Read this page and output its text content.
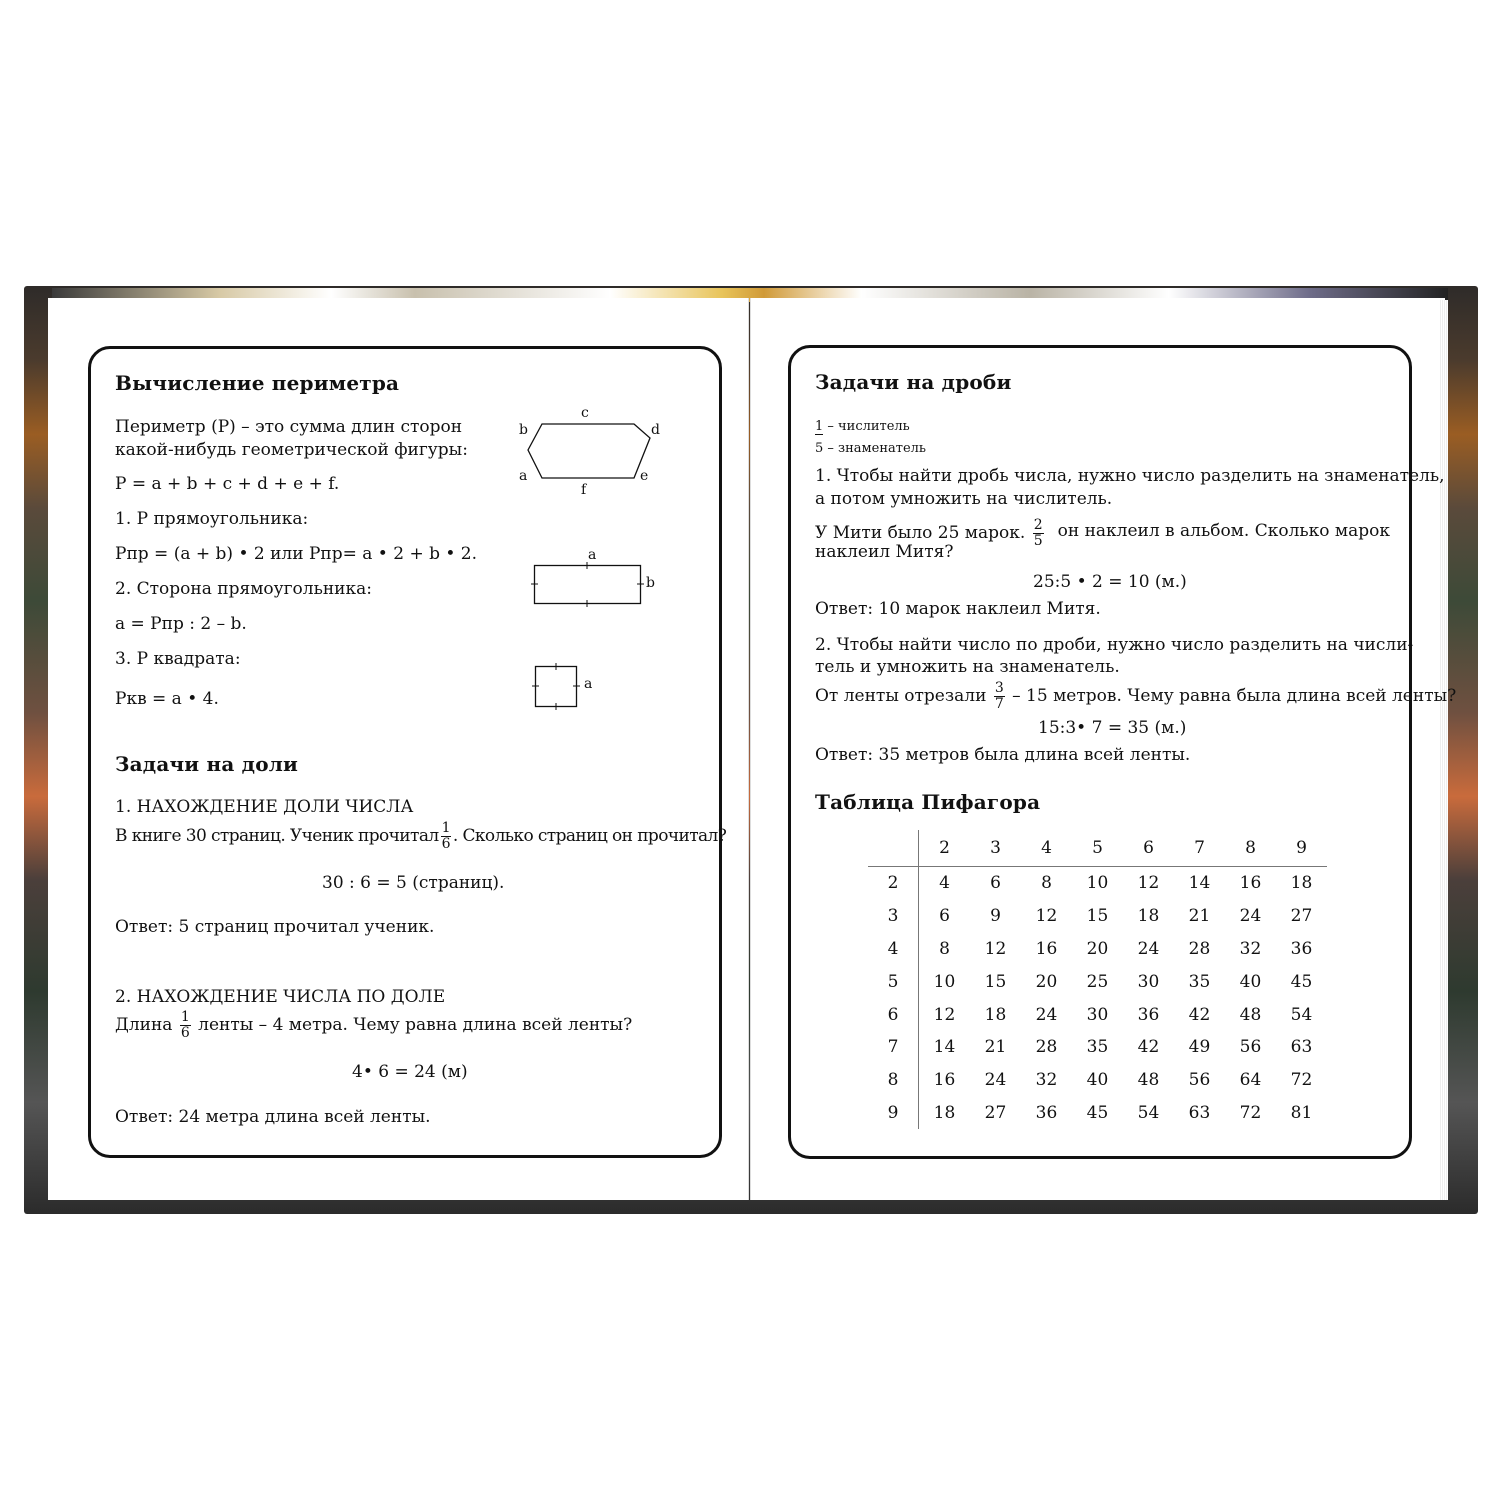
Вычисление периметра
Периметр (P) – это сумма длин сторон
какой-нибудь геометрической фигуры:
P = a + b + c + d + e + f.
1. P прямоугольника:
Pпр = (a + b) • 2 или Pпр= a • 2 + b • 2.
2. Сторона прямоугольника:
a = Pпр : 2 – b.
3. P квадрата:
Pкв = a • 4.
c
b	d
a	e
f
a
b
a
Задачи на доли
1. НАХОЖДЕНИЕ ДОЛИ ЧИСЛА
В книге 30 страниц. Ученик прочитал $\frac{1}{6}$ . Сколько страниц он прочитал?
30 : 6 = 5 (страниц).
Ответ: 5 страниц прочитал ученик.
2. НАХОЖДЕНИЕ ЧИСЛА ПО ДОЛЕ
Длина $\frac{1}{6}$ ленты – 4 метра. Чему равна длина всей ленты?
4• 6 = 24 (м)
Ответ: 24 метра длина всей ленты.
Задачи на дроби
1 – числитель
5 – знаменатель
1. Чтобы найти дробь числа, нужно число разделить на знаменатель,
а потом умножить на числитель.
У Мити было 25 марок. $\frac{2}{5}$ он наклеил в альбом. Сколько марок
наклеил Митя?
25:5 • 2 = 10 (м.)
Ответ: 10 марок наклеил Митя.
2. Чтобы найти число по дроби, нужно число разделить на числи-
тель и умножить на знаменатель.
От ленты отрезали $\frac{3}{7} - 15$ метров. Чему равна была длина всей ленты?
15:3• 7 = 35 (м.)
Ответ: 35 метров была длина всей ленты.
Таблица Пифагора
	2	3	4	5	6	7	8	9
2	4	6	8	10	12	14	16	18
3	6	9	12	15	18	21	24	27
4	8	12	16	20	24	28	32	36
5	10	15	20	25	30	35	40	45
6	12	18	24	30	36	42	48	54
7	14	21	28	35	42	49	56	63
8	16	24	32	40	48	56	64	72
9	18	27	36	45	54	63	72	81
